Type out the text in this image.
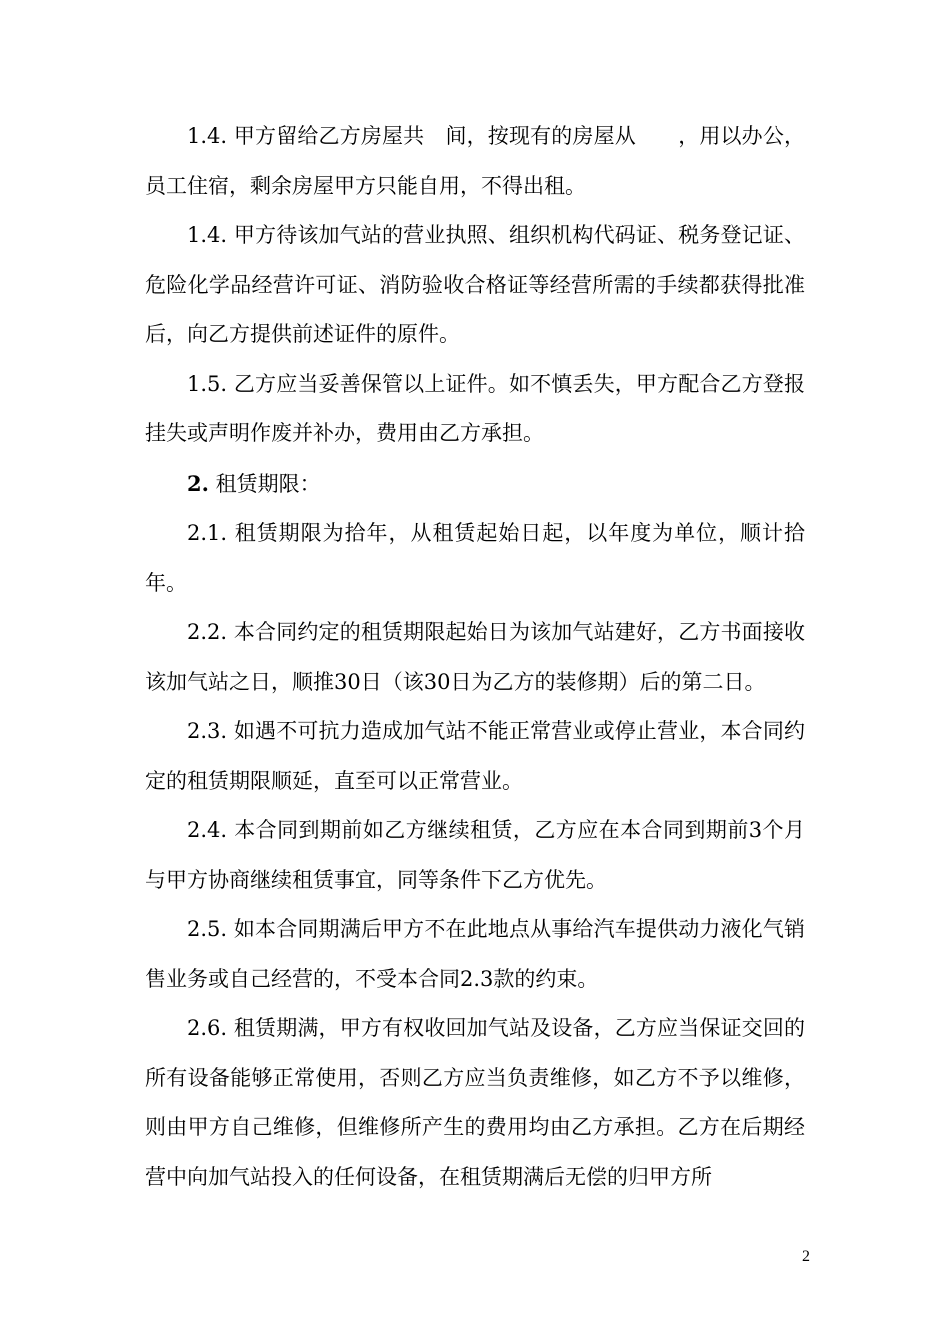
1.4. 甲方留给乙方房屋共　间，按现有的房屋从　　，用以办公，员工住宿，剩余房屋甲方只能自用，不得出租。

1.4. 甲方待该加气站的营业执照、组织机构代码证、税务登记证、危险化学品经营许可证、消防验收合格证等经营所需的手续都获得批准后，向乙方提供前述证件的原件。

1.5. 乙方应当妥善保管以上证件。如不慎丢失，甲方配合乙方登报挂失或声明作废并补办，费用由乙方承担。

2. 租赁期限：

2.1. 租赁期限为拾年，从租赁起始日起，以年度为单位，顺计拾年。

2.2. 本合同约定的租赁期限起始日为该加气站建好，乙方书面接收该加气站之日，顺推30日（该30日为乙方的装修期）后的第二日。

2.3. 如遇不可抗力造成加气站不能正常营业或停止营业，本合同约定的租赁期限顺延，直至可以正常营业。

2.4. 本合同到期前如乙方继续租赁，乙方应在本合同到期前3个月与甲方协商继续租赁事宜，同等条件下乙方优先。

2.5. 如本合同期满后甲方不在此地点从事给汽车提供动力液化气销售业务或自己经营的，不受本合同2.3款的约束。

2.6. 租赁期满，甲方有权收回加气站及设备，乙方应当保证交回的所有设备能够正常使用，否则乙方应当负责维修，如乙方不予以维修，则由甲方自己维修，但维修所产生的费用均由乙方承担。乙方在后期经营中向加气站投入的任何设备，在租赁期满后无偿的归甲方所

2
